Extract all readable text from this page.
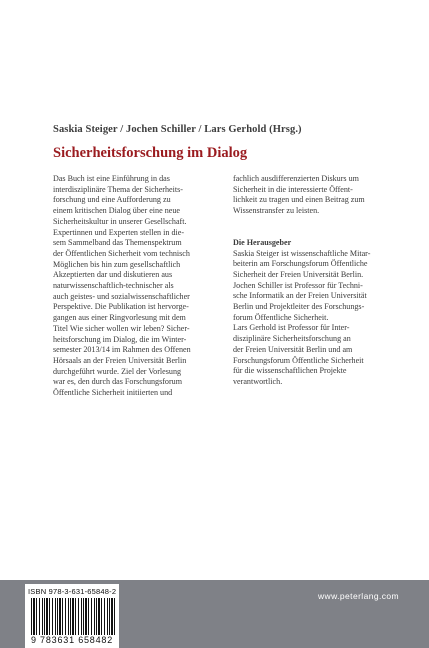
Saskia Steiger / Jochen Schiller / Lars Gerhold (Hrsg.)
Sicherheitsforschung im Dialog
Das Buch ist eine Einführung in das
interdisziplinäre Thema der Sicherheits-
forschung und eine Aufforderung zu
einem kritischen Dialog über eine neue
Sicherheitskultur in unserer Gesellschaft.
Expertinnen und Experten stellen in die-
sem Sammelband das Themenspektrum
der Öffentlichen Sicherheit vom technisch
Möglichen bis hin zum gesellschaftlich
Akzeptierten dar und diskutieren aus
naturwissenschaftlich-technischer als
auch geistes- und sozialwissenschaftlicher
Perspektive. Die Publikation ist hervorge-
gangen aus einer Ringvorlesung mit dem
Titel Wie sicher wollen wir leben? Sicher-
heitsforschung im Dialog, die im Winter-
semester 2013/14 im Rahmen des Offenen
Hörsaals an der Freien Universität Berlin
durchgeführt wurde. Ziel der Vorlesung
war es, den durch das Forschungsforum
Öffentliche Sicherheit initiierten und
fachlich ausdifferenzierten Diskurs um
Sicherheit in die interessierte Öffent-
lichkeit zu tragen und einen Beitrag zum
Wissenstransfer zu leisten.
Die Herausgeber
Saskia Steiger ist wissenschaftliche Mitar-
beiterin am Forschungsforum Öffentliche
Sicherheit der Freien Universität Berlin.
Jochen Schiller ist Professor für Techni-
sche Informatik an der Freien Universität
Berlin und Projektleiter des Forschungs-
forum Öffentliche Sicherheit.
Lars Gerhold ist Professor für Inter-
disziplinäre Sicherheitsforschung an
der Freien Universität Berlin und am
Forschungsforum Öffentliche Sicherheit
für die wissenschaftlichen Projekte
verantwortlich.
ISBN 978-3-631-65848-2
9 783631 658482
www.peterlang.com
